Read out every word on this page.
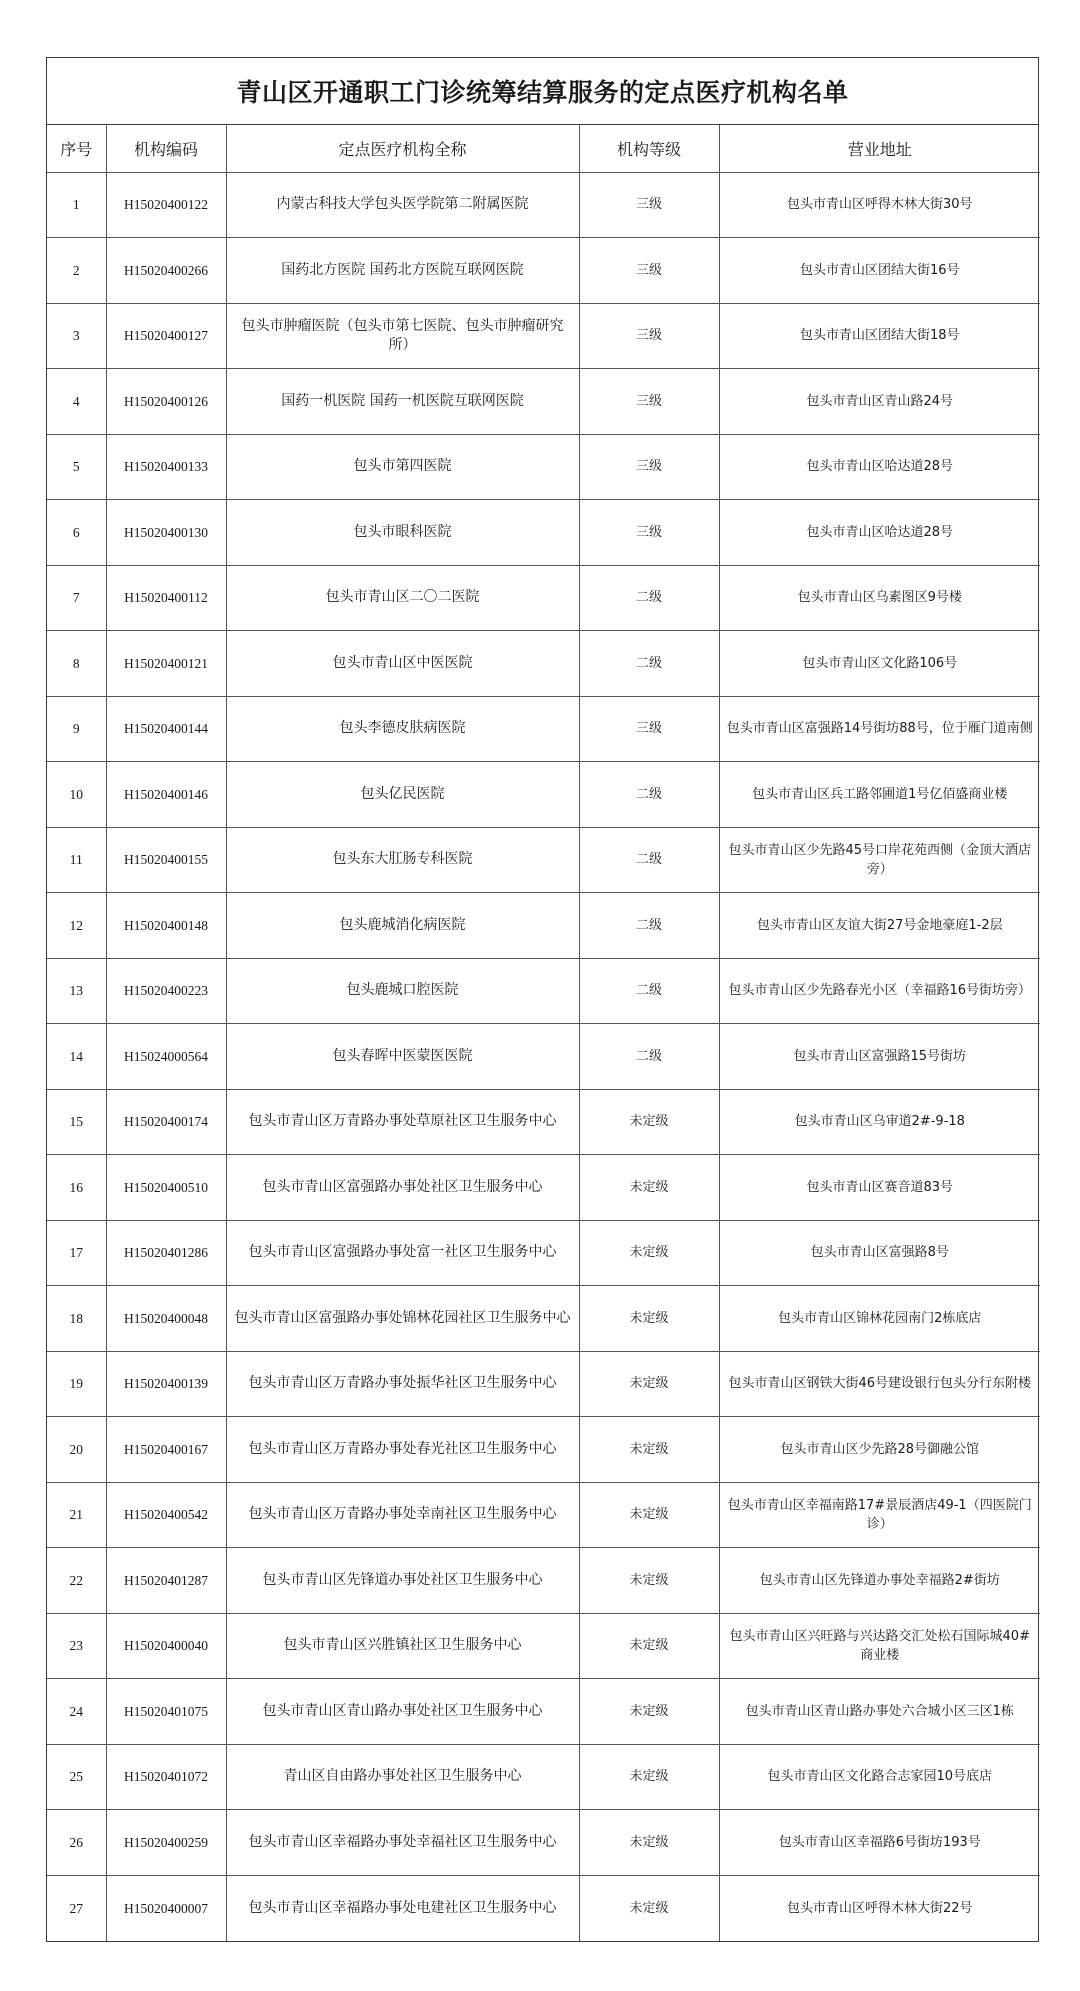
青山区开通职工门诊统筹结算服务的定点医疗机构名单
序号	机构编码	定点医疗机构全称	机构等级	营业地址
1	H15020400122	内蒙古科技大学包头医学院第二附属医院	三级	包头市青山区呼得木林大街30号
2	H15020400266	国药北方医院 国药北方医院互联网医院	三级	包头市青山区团结大街16号
3	H15020400127	包头市肿瘤医院（包头市第七医院、包头市肿瘤研究所）	三级	包头市青山区团结大街18号
4	H15020400126	国药一机医院 国药一机医院互联网医院	三级	包头市青山区青山路24号
5	H15020400133	包头市第四医院	三级	包头市青山区哈达道28号
6	H15020400130	包头市眼科医院	三级	包头市青山区哈达道28号
7	H15020400112	包头市青山区二〇二医院	二级	包头市青山区乌素图区9号楼
8	H15020400121	包头市青山区中医医院	二级	包头市青山区文化路106号
9	H15020400144	包头李德皮肤病医院	三级	包头市青山区富强路14号街坊88号，位于雁门道南侧
10	H15020400146	包头亿民医院	二级	包头市青山区兵工路邻圃道1号亿佰盛商业楼
11	H15020400155	包头东大肛肠专科医院	二级	包头市青山区少先路45号口岸花苑西侧（金顶大酒店旁）
12	H15020400148	包头鹿城消化病医院	二级	包头市青山区友谊大街27号金地豪庭1-2层
13	H15020400223	包头鹿城口腔医院	二级	包头市青山区少先路春光小区（幸福路16号街坊旁）
14	H15024000564	包头春晖中医蒙医医院	二级	包头市青山区富强路15号街坊
15	H15020400174	包头市青山区万青路办事处草原社区卫生服务中心	未定级	包头市青山区乌审道2#-9-18
16	H15020400510	包头市青山区富强路办事处社区卫生服务中心	未定级	包头市青山区赛音道83号
17	H15020401286	包头市青山区富强路办事处富一社区卫生服务中心	未定级	包头市青山区富强路8号
18	H15020400048	包头市青山区富强路办事处锦林花园社区卫生服务中心	未定级	包头市青山区锦林花园南门2栋底店
19	H15020400139	包头市青山区万青路办事处振华社区卫生服务中心	未定级	包头市青山区钢铁大街46号建设银行包头分行东附楼
20	H15020400167	包头市青山区万青路办事处春光社区卫生服务中心	未定级	包头市青山区少先路28号御融公馆
21	H15020400542	包头市青山区万青路办事处幸南社区卫生服务中心	未定级	包头市青山区幸福南路17#景辰酒店49-1（四医院门诊）
22	H15020401287	包头市青山区先锋道办事处社区卫生服务中心	未定级	包头市青山区先锋道办事处幸福路2#街坊
23	H15020400040	包头市青山区兴胜镇社区卫生服务中心	未定级	包头市青山区兴旺路与兴达路交汇处松石国际城40#商业楼
24	H15020401075	包头市青山区青山路办事处社区卫生服务中心	未定级	包头市青山区青山路办事处六合城小区三区1栋
25	H15020401072	青山区自由路办事处社区卫生服务中心	未定级	包头市青山区文化路合志家园10号底店
26	H15020400259	包头市青山区幸福路办事处幸福社区卫生服务中心	未定级	包头市青山区幸福路6号街坊193号
27	H15020400007	包头市青山区幸福路办事处电建社区卫生服务中心	未定级	包头市青山区呼得木林大街22号
